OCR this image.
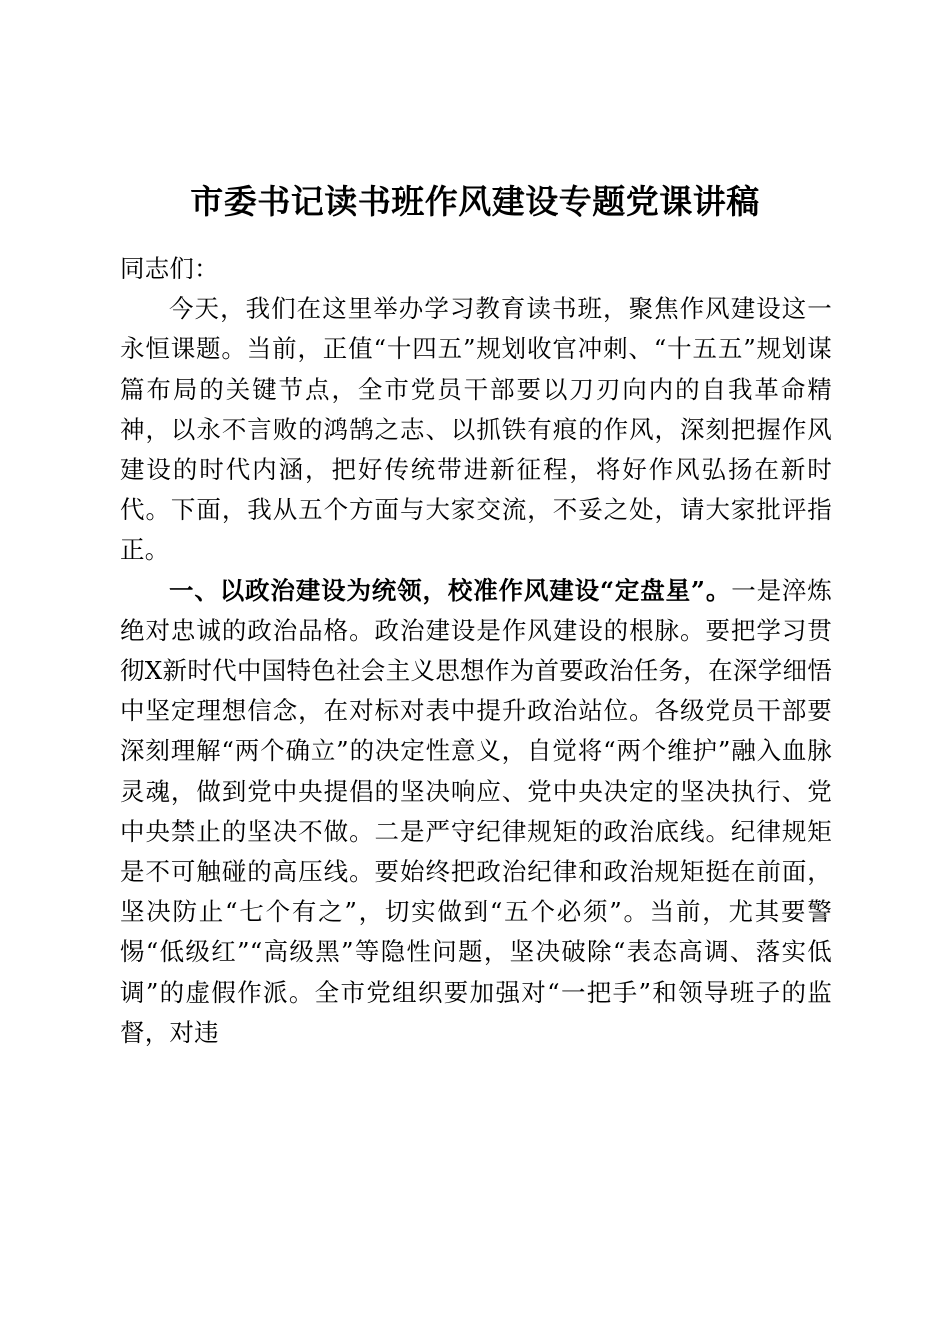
市委书记读书班作风建设专题党课讲稿

同志们：

今天，我们在这里举办学习教育读书班，聚焦作风建设这一永恒课题。当前，正值“十四五”规划收官冲刺、“十五五”规划谋篇布局的关键节点，全市党员干部要以刀刃向内的自我革命精神，以永不言败的鸿鹄之志、以抓铁有痕的作风，深刻把握作风建设的时代内涵，把好传统带进新征程，将好作风弘扬在新时代。下面，我从五个方面与大家交流，不妥之处，请大家批评指正。

一、以政治建设为统领，校准作风建设“定盘星”。一是淬炼绝对忠诚的政治品格。政治建设是作风建设的根脉。要把学习贯彻X新时代中国特色社会主义思想作为首要政治任务，在深学细悟中坚定理想信念，在对标对表中提升政治站位。各级党员干部要深刻理解“两个确立”的决定性意义，自觉将“两个维护”融入血脉灵魂，做到党中央提倡的坚决响应、党中央决定的坚决执行、党中央禁止的坚决不做。二是严守纪律规矩的政治底线。纪律规矩是不可触碰的高压线。要始终把政治纪律和政治规矩挺在前面，坚决防止“七个有之”，切实做到“五个必须”。当前，尤其要警惕“低级红”“高级黑”等隐性问题，坚决破除“表态高调、落实低调”的虚假作派。全市党组织要加强对“一把手”和领导班子的监督，对违
